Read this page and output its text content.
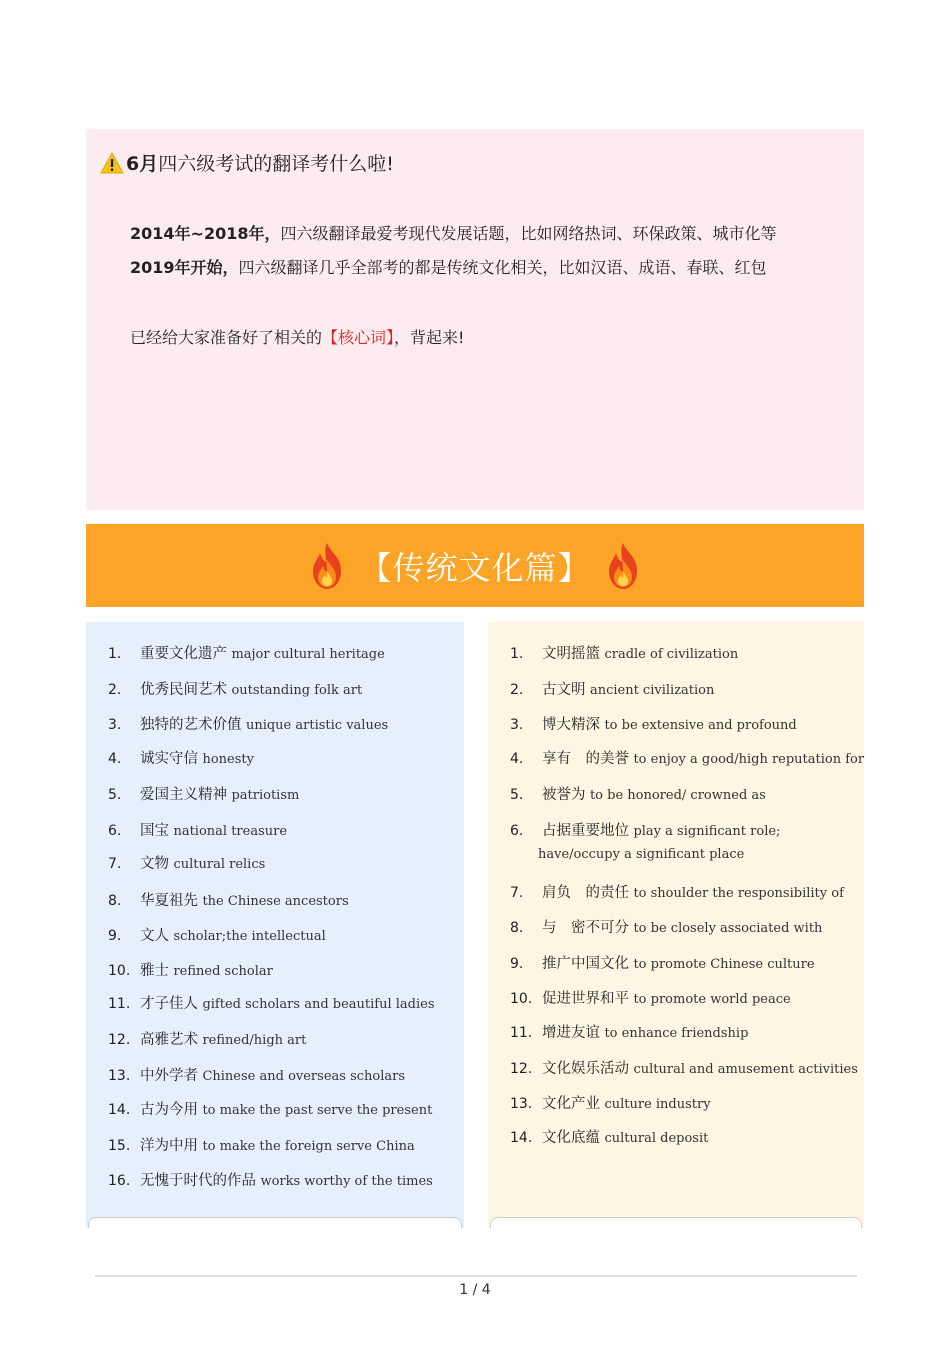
6月 四六级考试的翻译考什么啦!
2014年~2018年，四六级翻译最爱考现代发展话题，比如网络热词、环保政策、城市化等
2019年开始，四六级翻译几乎全部考的都是传统文化相关，比如汉语、成语、春联、红包
已经给大家准备好了相关的【核心词】，背起来!
【传统文化篇】
1. 重要文化遗产 major cultural heritage
2. 优秀民间艺术 outstanding folk art
3. 独特的艺术价值 unique artistic values
4. 诚实守信 honesty
5. 爱国主义精神 patriotism
6. 国宝 national treasure
7. 文物 cultural relics
8. 华夏祖先 the Chinese ancestors
9. 文人 scholar;the intellectual
10. 雅士 refined scholar
11. 才子佳人 gifted scholars and beautiful ladies
12. 高雅艺术 refined/high art
13. 中外学者 Chinese and overseas scholars
14. 古为今用 to make the past serve the present
15. 洋为中用 to make the foreign serve China
16. 无愧于时代的作品 works worthy of the times
1. 文明摇篮 cradle of civilization
2. 古文明 ancient civilization
3. 博大精深 to be extensive and profound
4. 享有　的美誉 to enjoy a good/high reputation for
5. 被誉为 to be honored/ crowned as
6. 占据重要地位 play a significant role;
have/occupy a significant place
7. 肩负　的责任 to shoulder the responsibility of
8. 与　密不可分 to be closely associated with
9. 推广中国文化 to promote Chinese culture
10. 促进世界和平 to promote world peace
11. 增进友谊 to enhance friendship
12. 文化娱乐活动 cultural and amusement activities
13. 文化产业 culture industry
14. 文化底蕴 cultural deposit
1 / 4
